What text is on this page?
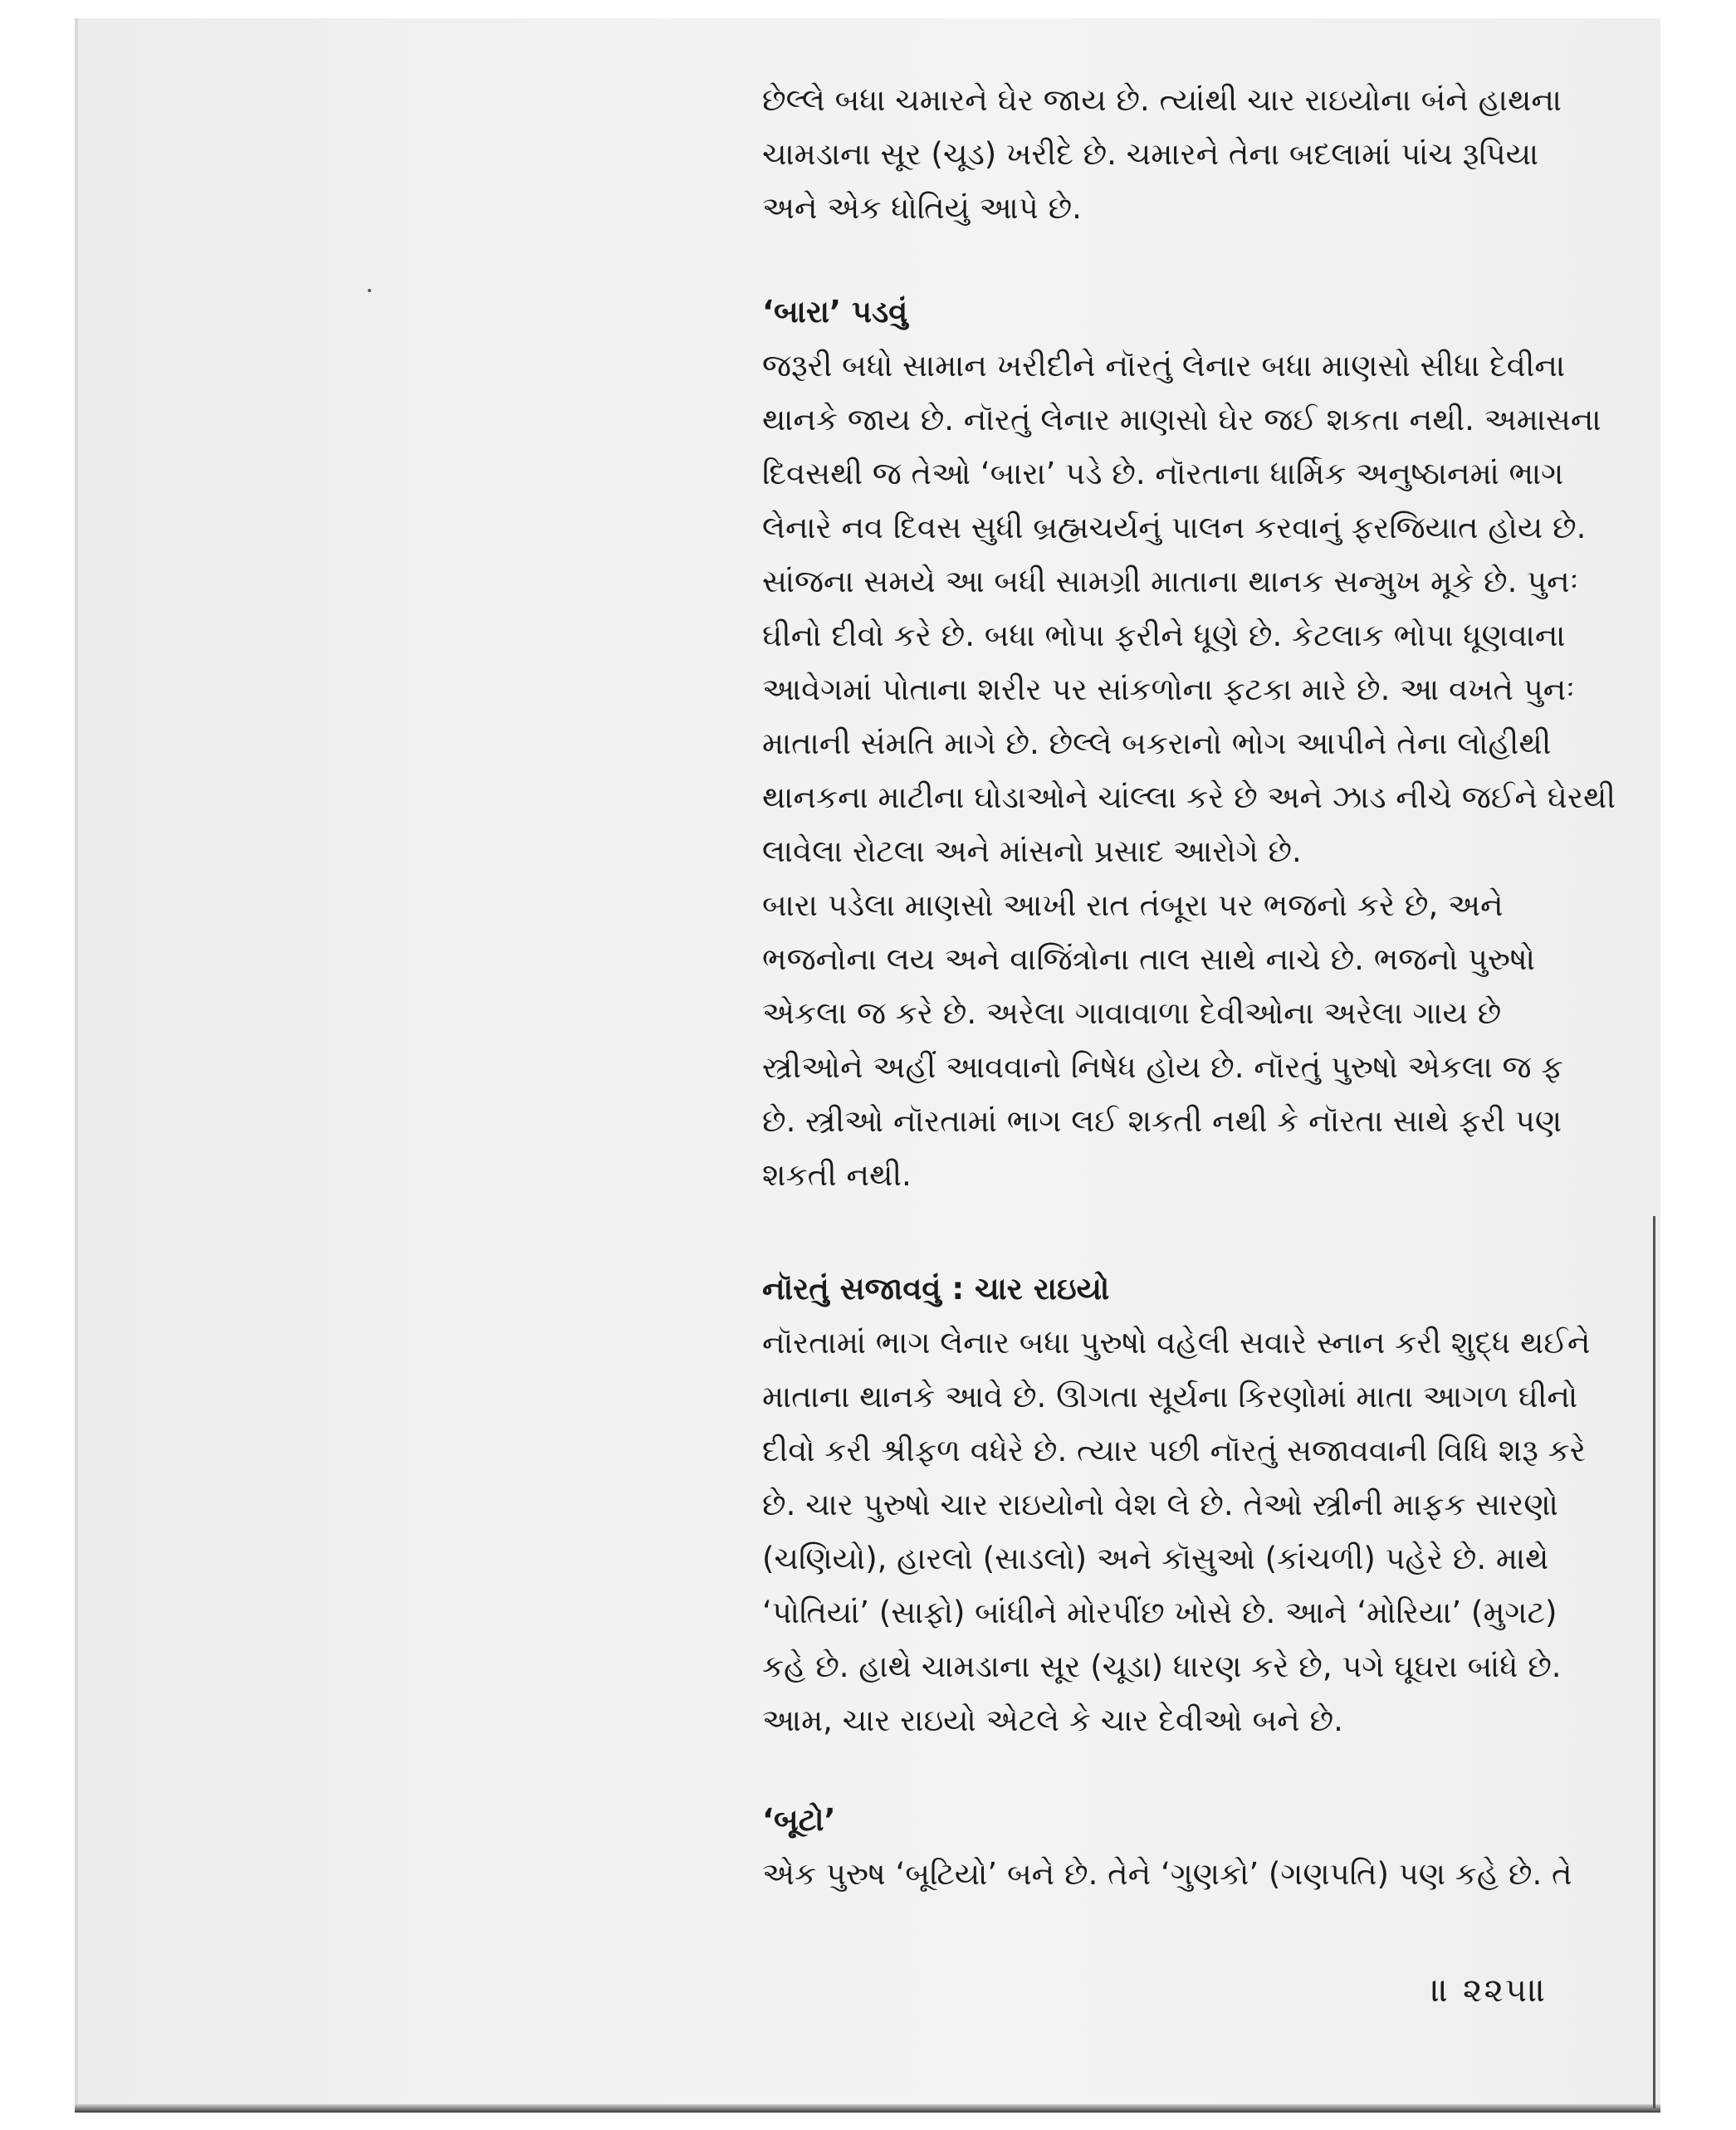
છેલ્લે બધા ચમારને ઘેર જાય છે. ત્યાંથી ચાર રાઇયોના બંને હાથના
ચામડાના સૂર (ચૂડ) ખરીદે છે. ચમારને તેના બદલામાં પાંચ રૂપિયા
અને એક ધોતિયું આપે છે.
‘બારા’ પડવું
જરૂરી બધો સામાન ખરીદીને નૉરતું લેનાર બધા માણસો સીધા દેવીના
થાનકે જાય છે. નૉરતું લેનાર માણસો ઘેર જઈ શકતા નથી. અમાસના
દિવસથી જ તેઓ ‘બારા’ પડે છે. નૉરતાના ધાર્મિક અનુષ્ઠાનમાં ભાગ
લેનારે નવ દિવસ સુધી બ્રહ્મચર્યનું પાલન કરવાનું ફરજિયાત હોય છે.
સાંજના સમયે આ બધી સામગ્રી માતાના થાનક સન્મુખ મૂકે છે. પુનઃ
ઘીનો દીવો કરે છે. બધા ભોપા ફરીને ધૂણે છે. કેટલાક ભોપા ધૂણવાના
આવેગમાં પોતાના શરીર પર સાંકળોના ફટકા મારે છે. આ વખતે પુનઃ
માતાની સંમતિ માગે છે. છેલ્લે બકરાનો ભોગ આપીને તેના લોહીથી
થાનકના માટીના ઘોડાઓને ચાંલ્લા કરે છે અને ઝાડ નીચે જઈને ઘેરથી
લાવેલા રોટલા અને માંસનો પ્રસાદ આરોગે છે.
બારા પડેલા માણસો આખી રાત તંબૂરા પર ભજનો કરે છે, અને
ભજનોના લય અને વાજિંત્રોના તાલ સાથે નાચે છે. ભજનો પુરુષો
એકલા જ કરે છે. અરેલા ગાવાવાળા દેવીઓના અરેલા ગાય છે
સ્ત્રીઓને અહીં આવવાનો નિષેધ હોય છે. નૉરતું પુરુષો એકલા જ ફ
છે. સ્ત્રીઓ નૉરતામાં ભાગ લઈ શકતી નથી કે નૉરતા સાથે ફરી પણ
શકતી નથી.
નૉરતું સજાવવું : ચાર રાઇયો
નૉરતામાં ભાગ લેનાર બધા પુરુષો વહેલી સવારે સ્નાન કરી શુદ્ધ થઈને
માતાના થાનકે આવે છે. ઊગતા સૂર્યના કિરણોમાં માતા આગળ ઘીનો
દીવો કરી શ્રીફળ વધેરે છે. ત્યાર પછી નૉરતું સજાવવાની વિધિ શરૂ કરે
છે. ચાર પુરુષો ચાર રાઇયોનો વેશ લે છે. તેઓ સ્ત્રીની માફક સારણો
(ચણિયો), હારલો (સાડલો) અને કૉસુઓ (કાંચળી) પહેરે છે. માથે
‘પોતિયાં’ (સાફો) બાંધીને મોરપીંછ ખોસે છે. આને ‘મોરિયા’ (મુગટ)
કહે છે. હાથે ચામડાના સૂર (ચૂડા) ધારણ કરે છે, પગે ઘૂઘરા બાંધે છે.
આમ, ચાર રાઇયો એટલે કે ચાર દેવીઓ બને છે.
‘બૂટો’
એક પુરુષ ‘બૂટિયો’ બને છે. તેને ‘ગુણકો’ (ગણપતિ) પણ કહે છે. તે
॥ ૨૨૫॥
